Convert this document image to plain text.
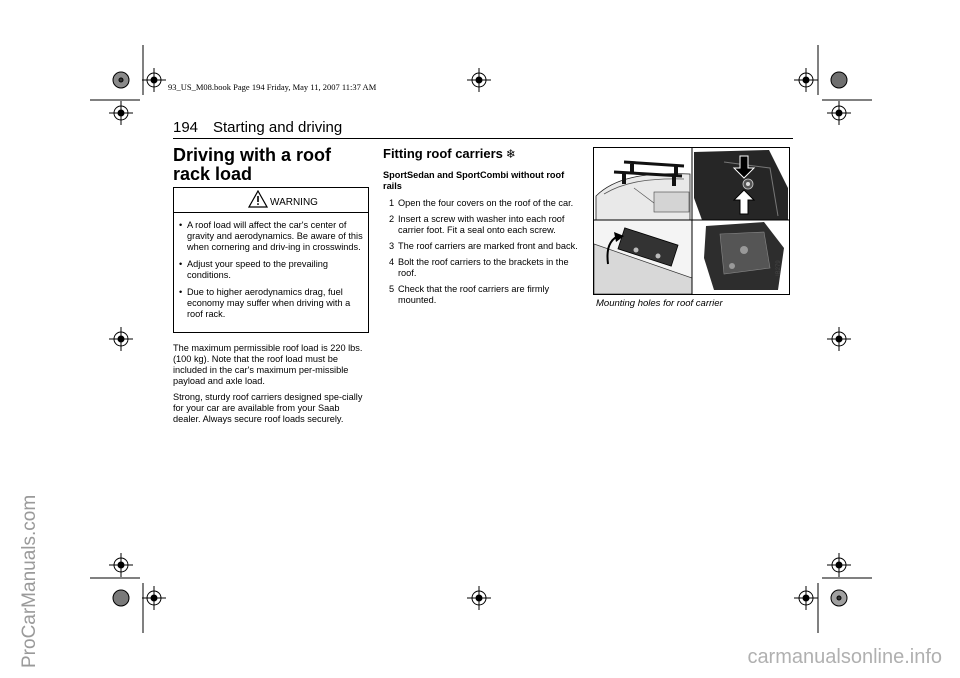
93_US_M08.book Page 194 Friday, May 11, 2007 11:37 AM
ProCarManuals.com
194 Starting and driving
Driving with a roof rack load
WARNING
• A roof load will affect the car's center of gravity and aerodynamics. Be aware of this when cornering and driv-ing in crosswinds.
• Adjust your speed to the prevailing conditions.
• Due to higher aerodynamics drag, fuel economy may suffer when driving with a roof rack.

The maximum permissible roof load is 220 lbs. (100 kg). Note that the roof load must be included in the car's maximum per-missible payload and axle load.

Strong, sturdy roof carriers designed spe-cially for your car are available from your Saab dealer. Always secure roof loads securely.

Fitting roof carriers ❄

SportSedan and SportCombi without roof rails

1 Open the four covers on the roof of the car.
2 Insert a screw with washer into each roof carrier foot. Fit a seal onto each screw.
3 The roof carriers are marked front and back.
4 Bolt the roof carriers to the brackets in the roof.
5 Check that the roof carriers are firmly mounted.
IB279
Mounting holes for roof carrier
carmanualsonline.info
